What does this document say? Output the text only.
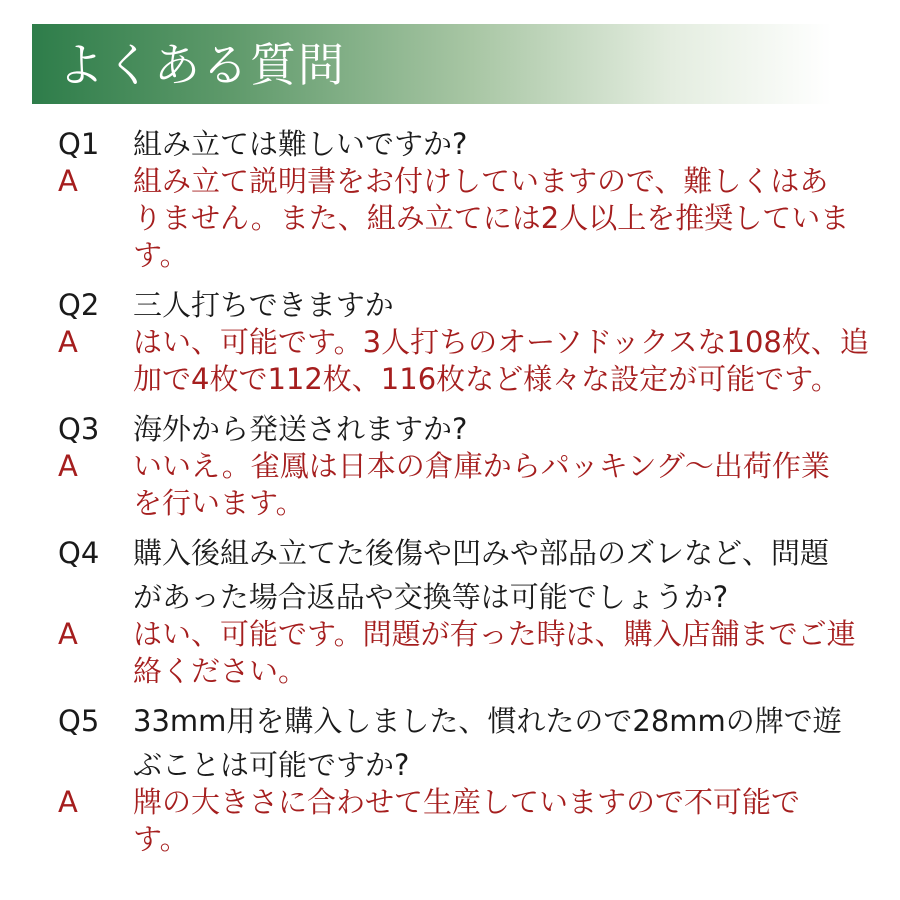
よくある質問
Q1 組み立ては難しいですか?
A 組み立て説明書をお付けしていますので、難しくはあ
りません。また、組み立てには2人以上を推奨していま
す。
Q2 三人打ちできますか
A はい、可能です。3人打ちのオーソドックスな108枚、追
加で4枚で112枚、116枚など様々な設定が可能です。
Q3 海外から発送されますか?
A いいえ。雀鳳は日本の倉庫からパッキング～出荷作業
を行います。
Q4 購入後組み立てた後傷や凹みや部品のズレなど、問題
があった場合返品や交換等は可能でしょうか?
A はい、可能です。問題が有った時は、購入店舗までご連
絡ください。
Q5 33mm用を購入しました、慣れたので28mmの牌で遊
ぶことは可能ですか?
A 牌の大きさに合わせて生産していますので不可能で
す。
